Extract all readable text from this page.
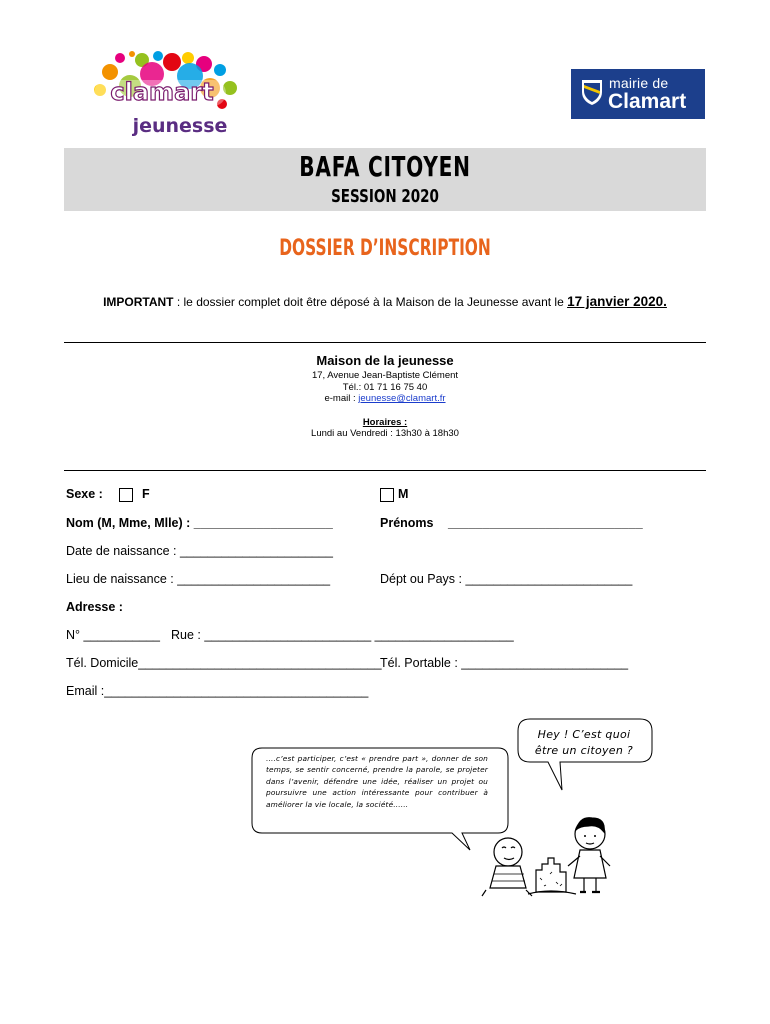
clamart
jeunesse
mairie de
Clamart
BAFA CITOYEN
SESSION 2020
DOSSIER D’INSCRIPTION
IMPORTANT : le dossier complet doit être déposé à la Maison de la Jeunesse avant le 17 janvier 2020.
Maison de la jeunesse
17, Avenue Jean-Baptiste Clément
Tél.: 01 71 16 75 40
e-mail : jeunesse@clamart.fr
Horaires :
Lundi au Vendredi : 13h30 à 18h30
Sexe :	F	M
Nom (M, Mme, Mlle) : ____________________	Prénoms ____________________________
Date de naissance : ______________________
Lieu de naissance : ______________________	Dépt ou Pays : ________________________
Adresse :
N° ___________ Rue : ________________________ ____________________
Tél. Domicile___________________________________
Tél. Portable : ________________________
Email :______________________________________
….c’est participer, c’est « prendre part », donner de son temps, se sentir concerné, prendre la parole, se projeter dans l’avenir, défendre une idée, réaliser un projet ou poursuivre une action intéressante pour contribuer à améliorer la vie locale, la société……
Hey ! C’est quoi
être un citoyen ?
